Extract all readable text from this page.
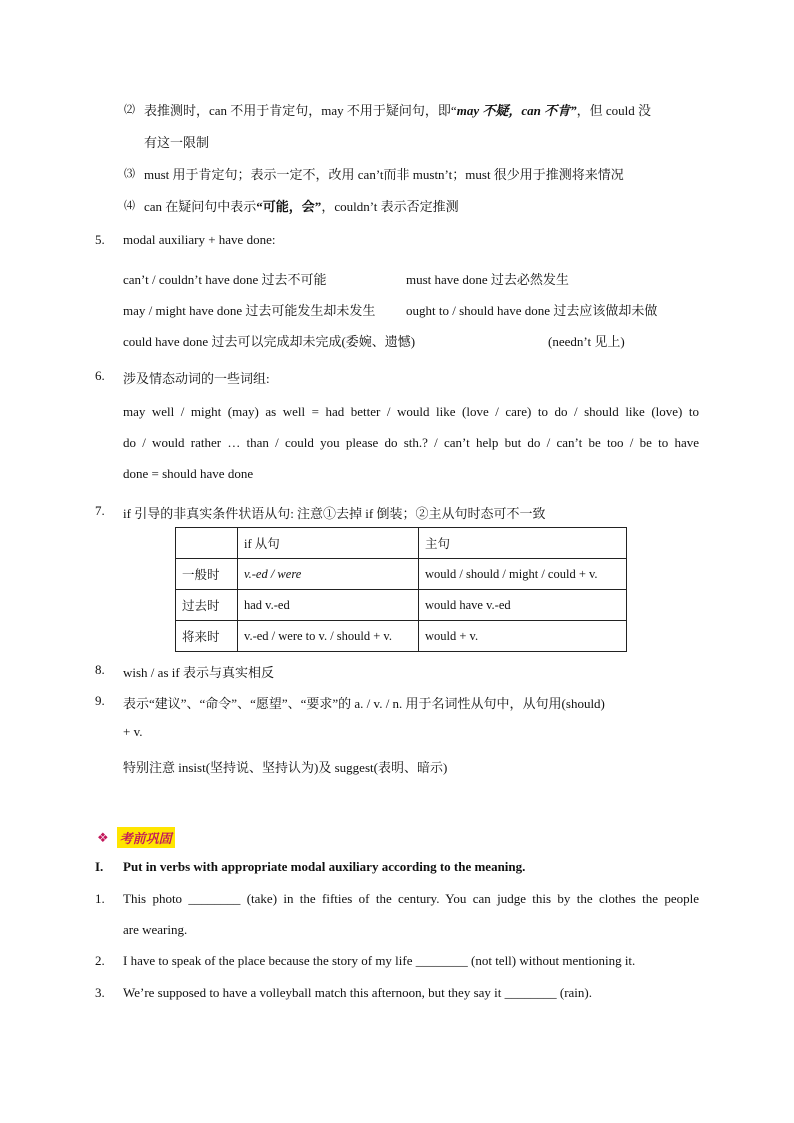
⑵ 表推测时，can 不用于肯定句，may 不用于疑问句，即“may 不疑，can 不肯”，但 could 没
有这一限制
⑶ must 用于肯定句；表示一定不，改用 can’t而非 mustn’t；must 很少用于推测将来情况
⑷ can 在疑问句中表示“可能，会”，couldn’t 表示否定推测
5. modal auxiliary + have done:
can’t / couldn’t have done 过去不可能	must have done 过去必然发生
may / might have done 过去可能发生却未发生 ought to / should have done 过去应该做却未做
could have done 过去可以完成却未完成(委婉、遗憾)	(needn’t 见上)
6. 涉及情态动词的一些词组:
may well / might (may) as well = had better / would like (love / care) to do / should like (love) to
do / would rather … than / could you please do sth.? / can’t help but do / can’t be too / be to have
done = should have done
7. if 引导的非真实条件状语从句: 注意①去掉 if 倒装；②主从句时态可不一致
	if 从句	主句
一般时	v.-ed / were	would / should / might / could + v.
过去时	had v.-ed	would have v.-ed
将来时	v.-ed / were to v. / should + v.	would + v.
8. wish / as if 表示与真实相反
9. 表示“建议”、“命令”、“愿望”、“要求”的 a. / v. / n. 用于名词性从句中，从句用(should)
+ v.
特别注意 insist(坚持说、坚持认为)及 suggest(表明、暗示)
❖ 考前巩固
I. Put in verbs with appropriate modal auxiliary according to the meaning.
1. This photo ________ (take) in the fifties of the century. You can judge this by the clothes the people
are wearing.
2. I have to speak of the place because the story of my life ________ (not tell) without mentioning it.
3. We’re supposed to have a volleyball match this afternoon, but they say it ________ (rain).
